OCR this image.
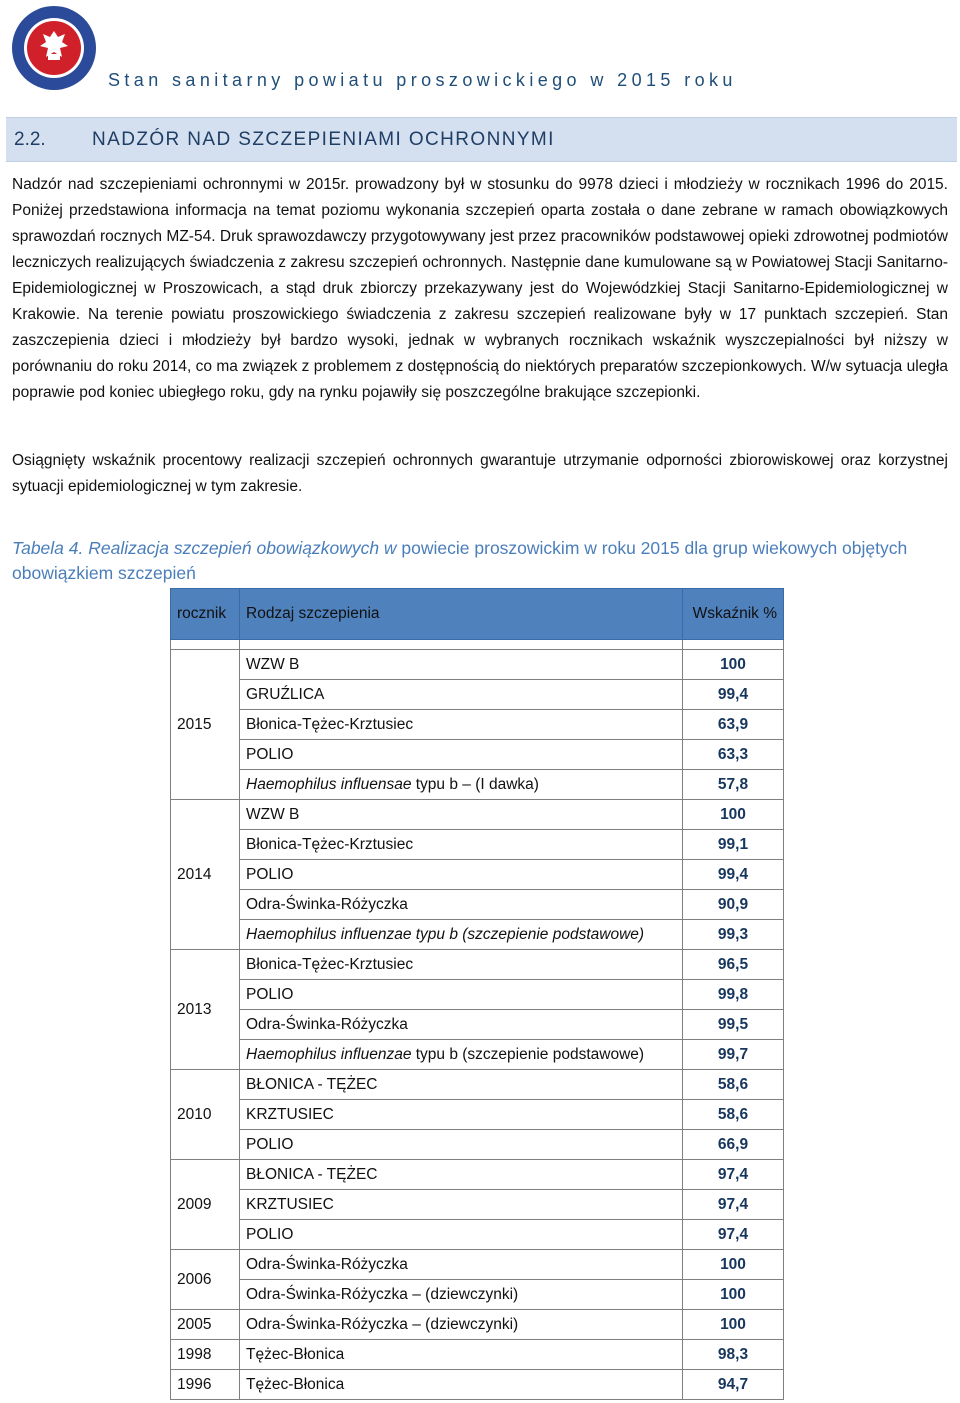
Stan sanitarny powiatu proszowickiego w 2015 roku
2.2. NADZÓR NAD SZCZEPIENIAMI OCHRONNYMI
Nadzór nad szczepieniami ochronnymi w 2015r. prowadzony był w stosunku do 9978 dzieci i młodzieży w rocznikach 1996 do 2015. Poniżej przedstawiona informacja na temat poziomu wykonania szczepień oparta została o dane zebrane w ramach obowiązkowych sprawozdań rocznych MZ-54. Druk sprawozdawczy przygotowywany jest przez pracowników podstawowej opieki zdrowotnej podmiotów leczniczych realizujących świadczenia z zakresu szczepień ochronnych. Następnie dane kumulowane są w Powiatowej Stacji Sanitarno-Epidemiologicznej w Proszowicach, a stąd druk zbiorczy przekazywany jest do Wojewódzkiej Stacji Sanitarno-Epidemiologicznej w Krakowie. Na terenie powiatu proszowickiego świadczenia z zakresu szczepień realizowane były w 17 punktach szczepień. Stan zaszczepienia dzieci i młodzieży był bardzo wysoki, jednak w wybranych rocznikach wskaźnik wyszczepialności był niższy w porównaniu do roku 2014, co ma związek z problemem z dostępnością do niektórych preparatów szczepionkowych. W/w sytuacja uległa poprawie pod koniec ubiegłego roku, gdy na rynku pojawiły się poszczególne brakujące szczepionki.
Osiągnięty wskaźnik procentowy realizacji szczepień ochronnych gwarantuje utrzymanie odporności zbiorowiskowej oraz korzystnej sytuacji epidemiologicznej w tym zakresie.
Tabela 4. Realizacja szczepień obowiązkowych w powiecie proszowickim w roku 2015 dla grup wiekowych objętych obowiązkiem szczepień
rocznik	Rodzaj szczepienia	Wskaźnik %

2015	WZW B	100
	GRUŹLICA	99,4
	Błonica-Tężec-Krztusiec	63,9
	POLIO	63,3
	Haemophilus influensae typu b – (I dawka)	57,8
2014	WZW B	100
	Błonica-Tężec-Krztusiec	99,1
	POLIO	99,4
	Odra-Świnka-Różyczka	90,9
	Haemophilus influenzae typu b (szczepienie podstawowe)	99,3
2013	Błonica-Tężec-Krztusiec	96,5
	POLIO	99,8
	Odra-Świnka-Różyczka	99,5
	Haemophilus influenzae typu b (szczepienie podstawowe)	99,7
2010	BŁONICA - TĘŻEC	58,6
	KRZTUSIEC	58,6
	POLIO	66,9
2009	BŁONICA - TĘŻEC	97,4
	KRZTUSIEC	97,4
	POLIO	97,4
2006	Odra-Świnka-Różyczka	100
	Odra-Świnka-Różyczka – (dziewczynki)	100
2005	Odra-Świnka-Różyczka – (dziewczynki)	100
1998	Tężec-Błonica	98,3
1996	Tężec-Błonica	94,7
